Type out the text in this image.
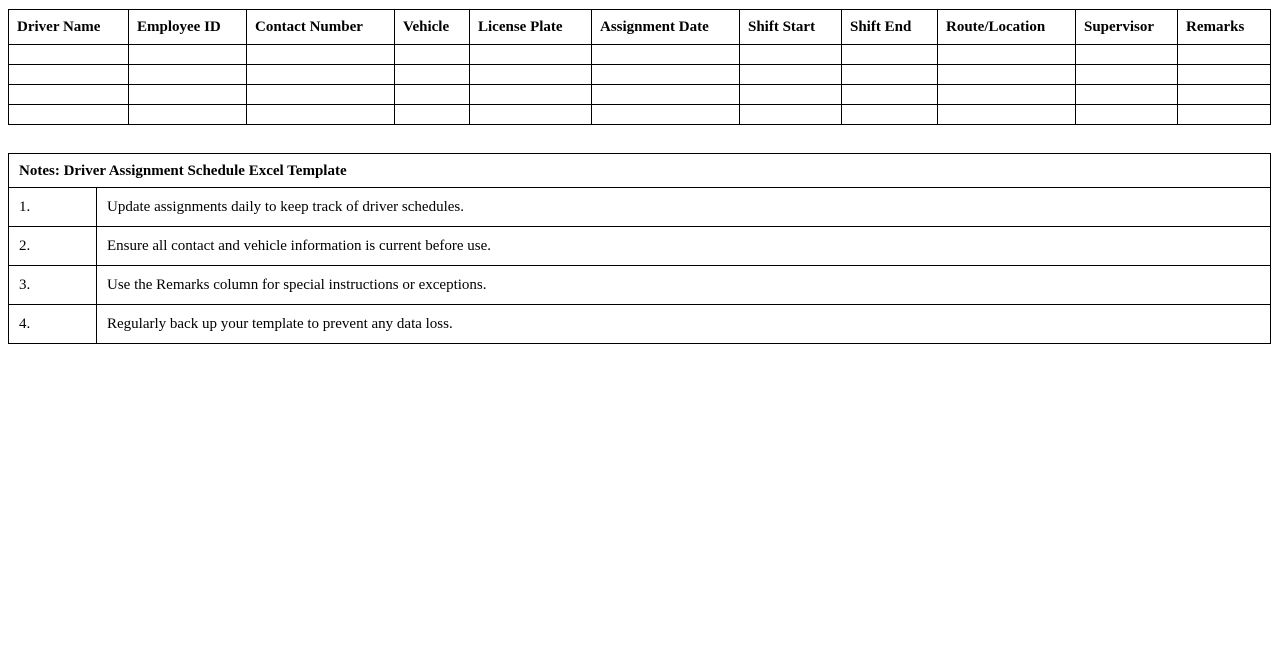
Driver Name	Employee ID	Contact Number	Vehicle	License Plate	Assignment Date	Shift Start	Shift End	Route/Location	Supervisor	Remarks

Notes: Driver Assignment Schedule Excel Template	
1.	Update assignments daily to keep track of driver schedules.
2.	Ensure all contact and vehicle information is current before use.
3.	Use the Remarks column for special instructions or exceptions.
4.	Regularly back up your template to prevent any data loss.
